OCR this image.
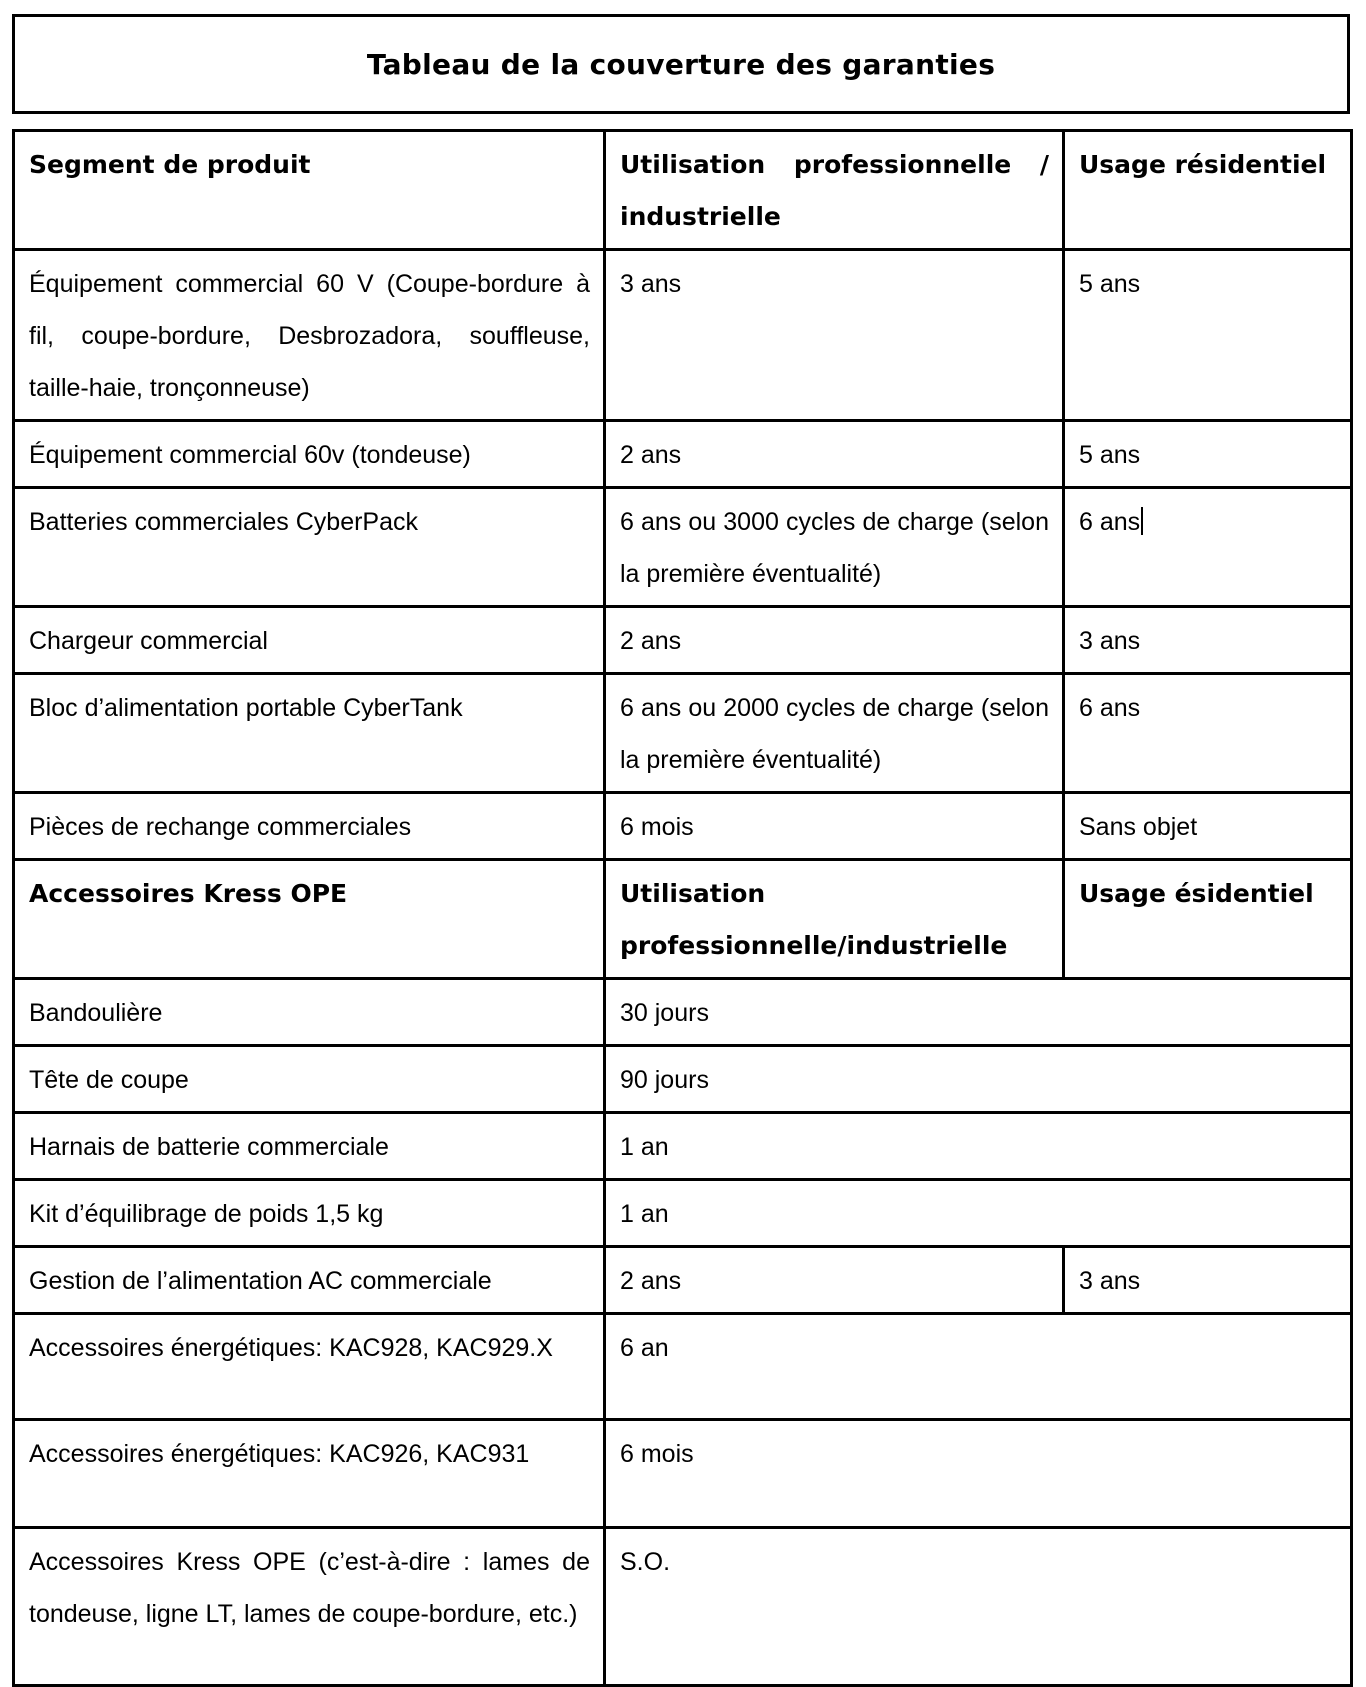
Tableau de la couverture des garanties
Segment de produit	Utilisation professionnelle / industrielle	Usage résidentiel
Équipement commercial 60 V (Coupe-bordure à fil, coupe-bordure, Desbrozadora, souffleuse, taille-haie, tronçonneuse)	3 ans	5 ans
Équipement commercial 60v (tondeuse)	2 ans	5 ans
Batteries commerciales CyberPack	6 ans ou 3000 cycles de charge (selon la première éventualité)	6 ans
Chargeur commercial	2 ans	3 ans
Bloc d’alimentation portable CyberTank	6 ans ou 2000 cycles de charge (selon la première éventualité)	6 ans
Pièces de rechange commerciales	6 mois	Sans objet
Accessoires Kress OPE	Utilisation professionnelle/industrielle	Usage ésidentiel
Bandoulière	30 jours	
Tête de coupe	90 jours	
Harnais de batterie commerciale	1 an	
Kit d’équilibrage de poids 1,5 kg	1 an	
Gestion de l’alimentation AC commerciale	2 ans	3 ans
Accessoires énergétiques: KAC928, KAC929.X	6 an	
Accessoires énergétiques: KAC926, KAC931	6 mois	
Accessoires Kress OPE (c’est-à-dire : lames de tondeuse, ligne LT, lames de coupe-bordure, etc.)	S.O.	
